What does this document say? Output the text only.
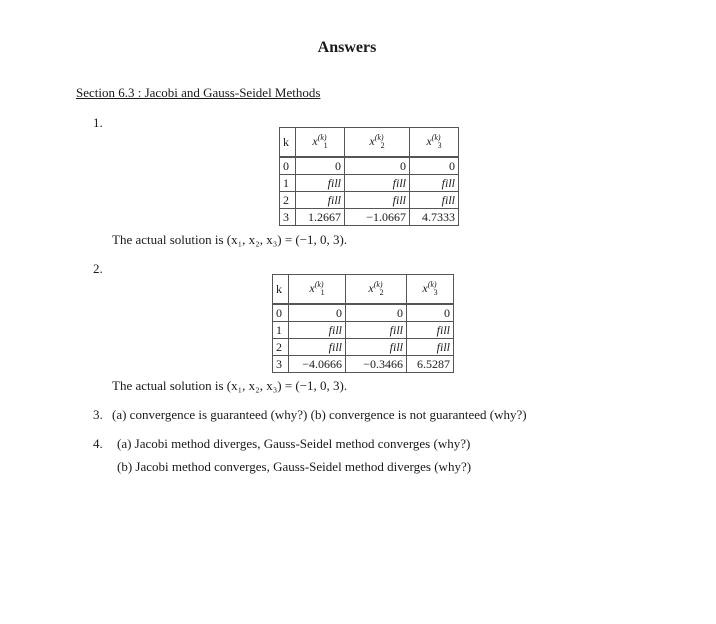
Answers
Section 6.3 : Jacobi and Gauss-Seidel Methods
1.
k	$x^{(k)}_1$	$x^{(k)}_2$	$x^{(k)}_3$
0	0	0	0
1	fill	fill	fill
2	fill	fill	fill
3	1.2667	−1.0667	4.7333
The actual solution is (x₁, x₂, x₃) = (−1, 0, 3).
2.
k	$x^{(k)}_1$	$x^{(k)}_2$	$x^{(k)}_3$
0	0	0	0
1	fill	fill	fill
2	fill	fill	fill
3	−4.0666	−0.3466	6.5287
The actual solution is (x₁, x₂, x₃) = (−1, 0, 3).
3. (a) convergence is guaranteed (why?) (b) convergence is not guaranteed (why?)
4. (a) Jacobi method diverges, Gauss-Seidel method converges (why?)
(b) Jacobi method converges, Gauss-Seidel method diverges (why?)
